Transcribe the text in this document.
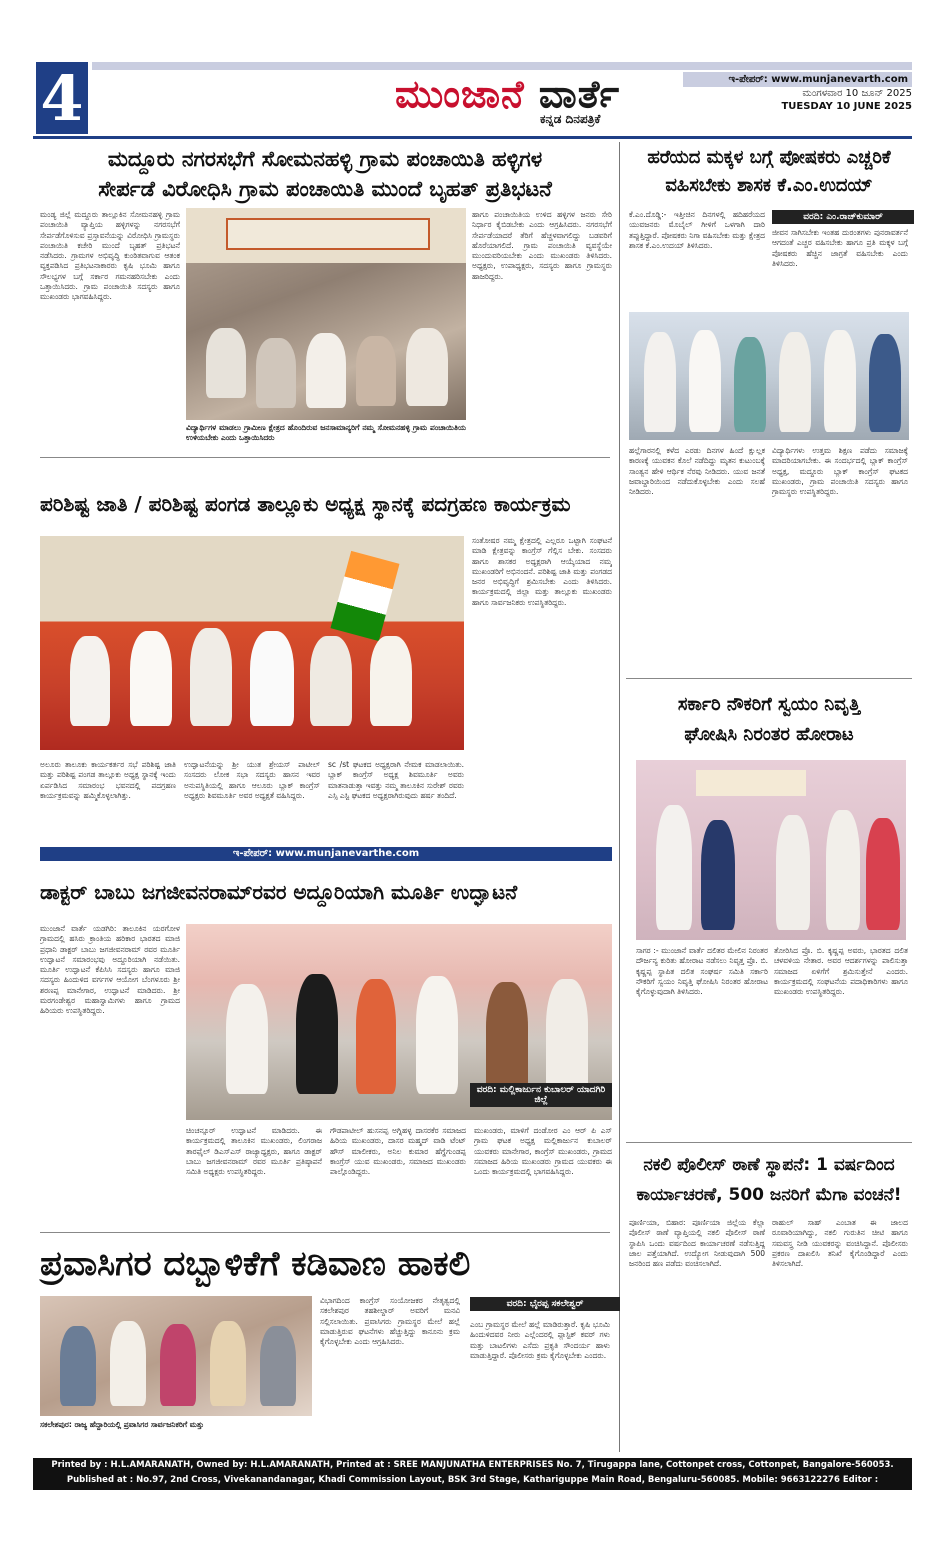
4	ಮುಂಜಾನೆ ವಾರ್ತೆ
ಕನ್ನಡ ದಿನಪತ್ರಿಕೆ
ಇ-ಪೇಪರ್: www.munjanevarth.com
ಮಂಗಳವಾರ 10 ಜೂನ್ 2025
TUESDAY 10 JUNE 2025
ಮದ್ದೂರು ನಗರಸಭೆಗೆ ಸೋಮನಹಳ್ಳಿ ಗ್ರಾಮ ಪಂಚಾಯಿತಿ ಹಳ್ಳಿಗಳ
ಸೇರ್ಪಡೆ ವಿರೋಧಿಸಿ ಗ್ರಾಮ ಪಂಚಾಯಿತಿ ಮುಂದೆ ಬೃಹತ್ ಪ್ರತಿಭಟನೆ
ಮಂಡ್ಯ ಜಿಲ್ಲೆ ಮದ್ದೂರು ತಾಲ್ಲೂಕಿನ ಸೋಮನಹಳ್ಳಿ ಗ್ರಾಮ ಪಂಚಾಯಿತಿ ವ್ಯಾಪ್ತಿಯ ಹಳ್ಳಿಗಳನ್ನು ನಗರಸಭೆಗೆ ಸೇರ್ಪಡೆಗೊಳಿಸುವ ಪ್ರಸ್ತಾವನೆಯನ್ನು ವಿರೋಧಿಸಿ ಗ್ರಾಮಸ್ಥರು ಪಂಚಾಯಿತಿ ಕಚೇರಿ ಮುಂದೆ ಬೃಹತ್ ಪ್ರತಿಭಟನೆ ನಡೆಸಿದರು. ಗ್ರಾಮಗಳ ಅಭಿವೃದ್ಧಿ ಕುಂಠಿತವಾಗುವ ಆತಂಕ ವ್ಯಕ್ತಪಡಿಸಿದ ಪ್ರತಿಭಟನಾಕಾರರು ಕೃಷಿ ಭೂಮಿ ಹಾಗೂ ಸೌಲಭ್ಯಗಳ ಬಗ್ಗೆ ಸರ್ಕಾರ ಗಮನಹರಿಸಬೇಕು ಎಂದು ಒತ್ತಾಯಿಸಿದರು. ಗ್ರಾಮ ಪಂಚಾಯಿತಿ ಸದಸ್ಯರು ಹಾಗೂ ಮುಖಂಡರು ಭಾಗವಹಿಸಿದ್ದರು.
ವಿದ್ಯಾರ್ಥಿಗಳ ಮಾಡಲು ಗ್ರಾಮೀಣ ಕ್ಷೇತ್ರದ ಹೊಂದಿರುವ ಜನಸಾಮಾನ್ಯರಿಗೆ ನಮ್ಮ ಸೋಮನಹಳ್ಳಿ ಗ್ರಾಮ ಪಂಚಾಯಿತಿಯ ಉಳಿಯಬೇಕು ಎಂದು ಒತ್ತಾಯಿಸಿದರು
ಹಾಗೂ ಪಂಚಾಯಿತಿಯ ಉಳಿದ ಹಳ್ಳಿಗಳ ಜನರು ಸೇರಿ ನಿರ್ಧಾರ ಕೈಬಿಡಬೇಕು ಎಂದು ಆಗ್ರಹಿಸಿದರು. ನಗರಸಭೆಗೆ ಸೇರ್ಪಡೆಯಾದರೆ ತೆರಿಗೆ ಹೆಚ್ಚಳವಾಗಲಿದ್ದು ಬಡವರಿಗೆ ಹೊರೆಯಾಗಲಿದೆ. ಗ್ರಾಮ ಪಂಚಾಯಿತಿ ವ್ಯವಸ್ಥೆಯೇ ಮುಂದುವರಿಯಬೇಕು ಎಂದು ಮುಖಂಡರು ತಿಳಿಸಿದರು. ಅಧ್ಯಕ್ಷರು, ಉಪಾಧ್ಯಕ್ಷರು, ಸದಸ್ಯರು ಹಾಗೂ ಗ್ರಾಮಸ್ಥರು ಹಾಜರಿದ್ದರು.
ಪರಿಶಿಷ್ಟ ಜಾತಿ / ಪರಿಶಿಷ್ಟ ಪಂಗಡ ತಾಲ್ಲೂಕು ಅಧ್ಯಕ್ಷ ಸ್ಥಾನಕ್ಕೆ ಪದಗ್ರಹಣ ಕಾರ್ಯಕ್ರಮ
ಸಂತೋಷರ ನಮ್ಮ ಕ್ಷೇತ್ರದಲ್ಲಿ ಎಲ್ಲರೂ ಒಟ್ಟಾಗಿ ಸಂಘಟನೆ ಮಾಡಿ ಕ್ಷೇತ್ರವನ್ನು ಕಾಂಗ್ರೆಸ್ ಗೆಲ್ಲಿಸ ಬೇಕು. ಸಂಸದರು ಹಾಗೂ ಶಾಸಕರ ಅಧ್ಯಕ್ಷರಾಗಿ ಆಯ್ಕೆಯಾದ ನಮ್ಮ ಮುಖಂಡರಿಗೆ ಅಭಿನಂದನೆ. ಪರಿಶಿಷ್ಟ ಜಾತಿ ಮತ್ತು ಪಂಗಡದ ಜನರ ಅಭಿವೃದ್ಧಿಗೆ ಶ್ರಮಿಸಬೇಕು ಎಂದು ತಿಳಿಸಿದರು. ಕಾರ್ಯಕ್ರಮದಲ್ಲಿ ಜಿಲ್ಲಾ ಮತ್ತು ತಾಲ್ಲೂಕು ಮುಖಂಡರು ಹಾಗೂ ಸಾರ್ವಜನಿಕರು ಉಪಸ್ಥಿತರಿದ್ದರು.
ಅಲೂರು ತಾಲೂಕು ಕಾರ್ಯಕರ್ತರ ಸಭೆ ಪರಿಶಿಷ್ಟ ಜಾತಿ ಮತ್ತು ಪರಿಶಿಷ್ಟ ಪಂಗಡ ತಾಲ್ಲೂಕು ಅಧ್ಯಕ್ಷ ಸ್ಥಾನಕ್ಕೆ ಇಂದು ಏರ್ಪಡಿಸಿದ ಸಮಾರಂಭ ಭವನದಲ್ಲಿ ಪದಗ್ರಹಣ ಕಾರ್ಯಕ್ರಮವನ್ನು ಹಮ್ಮಿಕೊಳ್ಳಲಾಗಿತ್ತು.
ಉದ್ಘಾಟನೆಯನ್ನು ಶ್ರೀ ಯುತ ಶ್ರೇಯಸ್ ಪಾಟೀಲ್ ಸಂಸದರು ಲೋಕ ಸಭಾ ಸದಸ್ಯರು ಹಾಸನ ಇವರ ಅನುಪಸ್ಥಿತಿಯಲ್ಲಿ ಹಾಗೂ ಆಲೂರು ಬ್ಲಾಕ್ ಕಾಂಗ್ರೆಸ್ ಅಧ್ಯಕ್ಷರು ಶಿವಮೂರ್ತಿ ಅವರ ಅಧ್ಯಕ್ಷತೆ ವಹಿಸಿದ್ದರು.
sc /st ಘಟಕದ ಅಧ್ಯಕ್ಷರಾಗಿ ನೇಮಕ ಮಾಡಲಾಯಿತು. ಬ್ಲಾಕ್ ಕಾಂಗ್ರೆಸ್ ಅಧ್ಯಕ್ಷ ಶಿವಮೂರ್ತಿ ಅವರು ಮಾತನಾಡುತ್ತಾ ಇವತ್ತು ನಮ್ಮ ತಾಲೂಕಿನ ಸುರೇಶ್ ರವರು ಎಸ್ಸಿ ಎಸ್ಟಿ ಘಟಕದ ಅಧ್ಯಕ್ಷರಾಗಿರುವುದು ಹರ್ಷ ತಂದಿದೆ.
ಇ-ಪೇಪರ್: www.munjanevarthe.com
ಡಾಕ್ಟರ್ ಬಾಬು ಜಗಜೀವನರಾಮ್‌ರವರ ಅದ್ದೂರಿಯಾಗಿ ಮೂರ್ತಿ ಉದ್ಘಾಟನೆ
ಮುಂಜಾನೆ ವಾರ್ತೆ ಯಡಗಿರಿ: ತಾಲೂಕಿನ ಯರಗೋಳ ಗ್ರಾಮದಲ್ಲಿ ಹಸಿರು ಕ್ರಾಂತಿಯ ಹರಿಕಾರ ಭಾರತದ ಮಾಜಿ ಪ್ರಧಾನಿ ಡಾಕ್ಟರ್ ಬಾಬು ಜಗಜೀವನರಾಮ್ ರವರ ಮೂರ್ತಿ ಉದ್ಘಾಟನೆ ಸಮಾರಂಭವು ಅದ್ದೂರಿಯಾಗಿ ನಡೆಯಿತು. ಮೂರ್ತಿ ಉದ್ಘಾಟನೆ ಕೆಪಿಸಿಸಿ ಸದಸ್ಯರು ಹಾಗೂ ಮಾಜಿ ಸದಸ್ಯರು ಹಿಂದುಳಿದ ವರ್ಗಗಳ ಆಯೋಗ ಬೆಂಗಳೂರು ಶ್ರೀ ಶರಣಪ್ಪ ಮಾನೇಗಾರ, ಉದ್ಘಾಟನೆ ಮಾಡಿದರು. ಶ್ರೀ ಮರಗಂಡೇಶ್ವರ ಮಹಾಸ್ವಾಮಿಗಳು ಹಾಗೂ ಗ್ರಾಮದ ಹಿರಿಯರು ಉಪಸ್ಥಿತರಿದ್ದರು.
ವರದಿ: ಮಲ್ಲಿಕಾರ್ಜುನ ಕುಬಾಲರ್ ಯಾದಗಿರಿ ಜಿಲ್ಲೆ
ಚಿಂಚನ್ಸೂರ್ ಉದ್ಘಾಟನೆ ಮಾಡಿದರು. ಈ ಕಾರ್ಯಕ್ರಮದಲ್ಲಿ ತಾಲೂಕಿನ ಮುಖಂಡರು, ಲಿಂಗರಾಜ ತಾರಫೈಲ್ ಡಿಎಸ್ಎಸ್ ರಾಜ್ಯಾಧ್ಯಕ್ಷರು, ಹಾಗೂ ಡಾಕ್ಟರ್ ಬಾಬು ಜಗಜೀವನರಾಮ್ ರವರ ಮೂರ್ತಿ ಪ್ರತಿಷ್ಠಾಪನೆ ಸಮಿತಿ ಅಧ್ಯಕ್ಷರು ಉಪಸ್ಥಿತರಿದ್ದರು.
ಗೌಡಪಾಟೀಲ್ ಹುಸನಪ್ಪ ಅಗ್ನಿಹಳ್ಳ ದಾಸರಕೆರ ಸಮಾಜದ ಹಿರಿಯ ಮುಖಂಡರು, ದಾಸರ ಮಹ್ಮದ್ ವಾಡಿ ಟೆಂಟ್ ಹೌಸ್ ಮಾಲೀಕರು, ಅನಿಲ ಕುಮಾರ ಹೆಗ್ಡೆಗುಂಡಪ್ಪ ಕಾಂಗ್ರೆಸ್ ಯುವ ಮುಖಂಡರು, ಸಮಾಜದ ಮುಖಂಡರು ಪಾಲ್ಗೊಂಡಿದ್ದರು.
ಮುಖಂಡರು, ಮಾಳಿಗೆ ದಂಡೋರ ಎಂ ಆರ್ ಪಿ ಎಸ್ ಗ್ರಾಮ ಘಟಕ ಅಧ್ಯಕ್ಷ ಮಲ್ಲಿಕಾರ್ಜುನ ಕುಬಾಲರ್ ಯುವಕರು ಮಾನೇಗಾರ, ಕಾಂಗ್ರೆಸ್ ಮುಖಂಡರು, ಗ್ರಾಮದ ಸಮಾಜದ ಹಿರಿಯ ಮುಖಂಡರು ಗ್ರಾಮದ ಯುವಕರು ಈ ಒಂದು ಕಾರ್ಯಕ್ರಮದಲ್ಲಿ ಭಾಗವಹಿಸಿದ್ದರು.
ಪ್ರವಾಸಿಗರ ದಬ್ಬಾಳಿಕೆಗೆ ಕಡಿವಾಣ ಹಾಕಲಿ
ಸಕಲೇಶಪುರ: ರಾಜ್ಯ ಹೆದ್ದಾರಿಯಲ್ಲಿ ಪ್ರವಾಸಿಗರ ಸಾರ್ವಜನಿಕರಿಗೆ ಮತ್ತು
ವಿಭಾಗದಿಂದ ಕಾಂಗ್ರೆಸ್ ಸಂಯೋಜಕರ ನೇತೃತ್ವದಲ್ಲಿ ಸಕಲೇಶಪುರ ತಹಶೀಲ್ದಾರ್ ಅವರಿಗೆ ಮನವಿ ಸಲ್ಲಿಸಲಾಯಿತು. ಪ್ರವಾಸಿಗರು ಗ್ರಾಮಸ್ಥರ ಮೇಲೆ ಹಲ್ಲೆ ಮಾಡುತ್ತಿರುವ ಘಟನೆಗಳು ಹೆಚ್ಚುತ್ತಿದ್ದು ಕಾನೂನು ಕ್ರಮ ಕೈಗೊಳ್ಳಬೇಕು ಎಂದು ಆಗ್ರಹಿಸಿದರು.
ವರದಿ: ಭೈರಪ್ಪ ಸಕಲೇಶ್ವರ್
ಎಂಬ ಗ್ರಾಮಸ್ಥರ ಮೇಲೆ ಹಲ್ಲೆ ಮಾಡಿರುತ್ತಾರೆ. ಕೃಷಿ ಭೂಮಿ ಹಿಂದುಳಿದವರ ನೀರು ಎಲ್ಲೆಂದರಲ್ಲಿ ಪ್ಲಾಸ್ಟಿಕ್ ಕವರ್ ಗಳು ಮತ್ತು ಬಾಟಲಿಗಳು ಎಸೆದು ಪ್ರಕೃತಿ ಸೌಂದರ್ಯ ಹಾಳು ಮಾಡುತ್ತಿದ್ದಾರೆ. ಪೊಲೀಸರು ಕ್ರಮ ಕೈಗೊಳ್ಳಬೇಕು ಎಂದರು.
ಹರೆಯದ ಮಕ್ಕಳ ಬಗ್ಗೆ ಪೋಷಕರು ಎಚ್ಚರಿಕೆ
ವಹಿಸಬೇಕು ಶಾಸಕ ಕೆ.ಎಂ.ಉದಯ್
ಕೆ.ಎಂ.ದೊಡ್ಡಿ:- ಇತ್ತೀಚಿನ ದಿನಗಳಲ್ಲಿ ಹದಿಹರೆಯದ ಯುವಜನರು ಮೊಬೈಲ್ ಗೀಳಿಗೆ ಒಳಗಾಗಿ ದಾರಿ ತಪ್ಪುತ್ತಿದ್ದಾರೆ. ಪೋಷಕರು ನಿಗಾ ವಹಿಸಬೇಕು ಮತ್ತು ಕ್ಷೇತ್ರದ ಶಾಸಕ ಕೆ.ಎಂ.ಉದಯ್ ತಿಳಿಸಿದರು.
ವರದಿ: ಎಂ.ರಾಜ್‌ಕುಮಾರ್
ಜೀವನ ಸಾಗಿಸಬೇಕು ಇಂತಹ ದುರಂತಗಳು ಪುನರಾವರ್ತನೆ ಆಗದಂತೆ ಎಚ್ಚರ ವಹಿಸಬೇಕು ಹಾಗೂ ಪ್ರತಿ ಮಕ್ಕಳ ಬಗ್ಗೆ ಪೋಷಕರು ಹೆಚ್ಚಿನ ಜಾಗ್ರತೆ ವಹಿಸಬೇಕು ಎಂದು ತಿಳಿಸಿದರು.
ಹಲ್ಲೆಗಾರನಲ್ಲಿ ಕಳೆದ ಎರಡು ದಿನಗಳ ಹಿಂದೆ ಕ್ಷುಲ್ಲಕ ಕಾರಣಕ್ಕೆ ಯುವಕನ ಕೊಲೆ ನಡೆದಿದ್ದು ಮೃತನ ಕುಟುಂಬಕ್ಕೆ ಸಾಂತ್ವನ ಹೇಳಿ ಆರ್ಥಿಕ ನೆರವು ನೀಡಿದರು. ಯುವ ಜನತೆ ಜವಾಬ್ದಾರಿಯಿಂದ ನಡೆದುಕೊಳ್ಳಬೇಕು ಎಂದು ಸಲಹೆ ನೀಡಿದರು.
ವಿದ್ಯಾರ್ಥಿಗಳು ಉತ್ತಮ ಶಿಕ್ಷಣ ಪಡೆದು ಸಮಾಜಕ್ಕೆ ಮಾದರಿಯಾಗಬೇಕು. ಈ ಸಂದರ್ಭದಲ್ಲಿ ಬ್ಲಾಕ್ ಕಾಂಗ್ರೆಸ್ ಅಧ್ಯಕ್ಷ, ಮದ್ದೂರು ಬ್ಲಾಕ್ ಕಾಂಗ್ರೆಸ್ ಘಟಕದ ಮುಖಂಡರು, ಗ್ರಾಮ ಪಂಚಾಯಿತಿ ಸದಸ್ಯರು ಹಾಗೂ ಗ್ರಾಮಸ್ಥರು ಉಪಸ್ಥಿತರಿದ್ದರು.
ಸರ್ಕಾರಿ ನೌಕರಿಗೆ ಸ್ವಯಂ ನಿವೃತ್ತಿ
ಘೋಷಿಸಿ ನಿರಂತರ ಹೋರಾಟ
ಸಾಗರ :- ಮುಂಜಾನೆ ವಾರ್ತೆ ದಲಿತರ ಮೇಲಿನ ನಿರಂತರ ದೌರ್ಜನ್ಯ ಕುರಿತು ಹೋರಾಟ ನಡೆಸಲು ನಿವೃತ್ತ ಪ್ರೊ. ಬಿ. ಕೃಷ್ಣಪ್ಪ ಸ್ಥಾಪಿತ ದಲಿತ ಸಂಘರ್ಷ ಸಮಿತಿ ಸರ್ಕಾರಿ ನೌಕರಿಗೆ ಸ್ವಯಂ ನಿವೃತ್ತಿ ಘೋಷಿಸಿ ನಿರಂತರ ಹೋರಾಟ ಕೈಗೊಳ್ಳುವುದಾಗಿ ತಿಳಿಸಿದರು.
ತೋರಿಸಿದ ಪ್ರೊ. ಬಿ. ಕೃಷ್ಣಪ್ಪ ಅವರು, ಭಾರತದ ದಲಿತ ಚಳವಳಿಯ ನೇತಾರ. ಅವರ ಆದರ್ಶಗಳನ್ನು ಪಾಲಿಸುತ್ತಾ ಸಮಾಜದ ಏಳಿಗೆಗೆ ಶ್ರಮಿಸುತ್ತೇನೆ ಎಂದರು. ಕಾರ್ಯಕ್ರಮದಲ್ಲಿ ಸಂಘಟನೆಯ ಪದಾಧಿಕಾರಿಗಳು ಹಾಗೂ ಮುಖಂಡರು ಉಪಸ್ಥಿತರಿದ್ದರು.
ನಕಲಿ ಪೊಲೀಸ್ ಠಾಣೆ ಸ್ಥಾಪನೆ: 1 ವರ್ಷದಿಂದ
ಕಾರ್ಯಾಚರಣೆ, 500 ಜನರಿಗೆ ಮೆಗಾ ವಂಚನೆ!
ಪೂರ್ಣಿಯಾ, ಬಿಹಾರ: ಪೂರ್ಣಿಯಾ ಜಿಲ್ಲೆಯ ಕೆಲ್ಲಾ ಪೊಲೀಸ್ ಠಾಣೆ ವ್ಯಾಪ್ತಿಯಲ್ಲಿ ನಕಲಿ ಪೊಲೀಸ್ ಠಾಣೆ ಸ್ಥಾಪಿಸಿ ಒಂದು ವರ್ಷದಿಂದ ಕಾರ್ಯಾಚರಣೆ ನಡೆಸುತ್ತಿದ್ದ ಜಾಲ ಪತ್ತೆಯಾಗಿದೆ. ಉದ್ಯೋಗ ನೀಡುವುದಾಗಿ 500 ಜನರಿಂದ ಹಣ ಪಡೆದು ವಂಚಿಸಲಾಗಿದೆ.
ರಾಹುಲ್ ಸಾಹ್ ಎಂಬಾತ ಈ ಜಾಲದ ರೂವಾರಿಯಾಗಿದ್ದು, ನಕಲಿ ಗುರುತಿನ ಚೀಟಿ ಹಾಗೂ ಸಮವಸ್ತ್ರ ನೀಡಿ ಯುವಕರನ್ನು ವಂಚಿಸಿದ್ದಾನೆ. ಪೊಲೀಸರು ಪ್ರಕರಣ ದಾಖಲಿಸಿ ತನಿಖೆ ಕೈಗೊಂಡಿದ್ದಾರೆ ಎಂದು ತಿಳಿಸಲಾಗಿದೆ.
Printed by : H.L.AMARANATH, Owned by: H.L.AMARANATH, Printed at : SREE MANJUNATHA ENTERPRISES No. 7, Tirugappa lane, Cottonpet cross, Cottonpet, Bangalore-560053.
Published at : No.97, 2nd Cross, Vivekanandanagar, Khadi Commission Layout, BSK 3rd Stage, Kathariguppe Main Road, Bengaluru-560085. Mobile: 9663122276 Editor : H.L.AMARANATH
